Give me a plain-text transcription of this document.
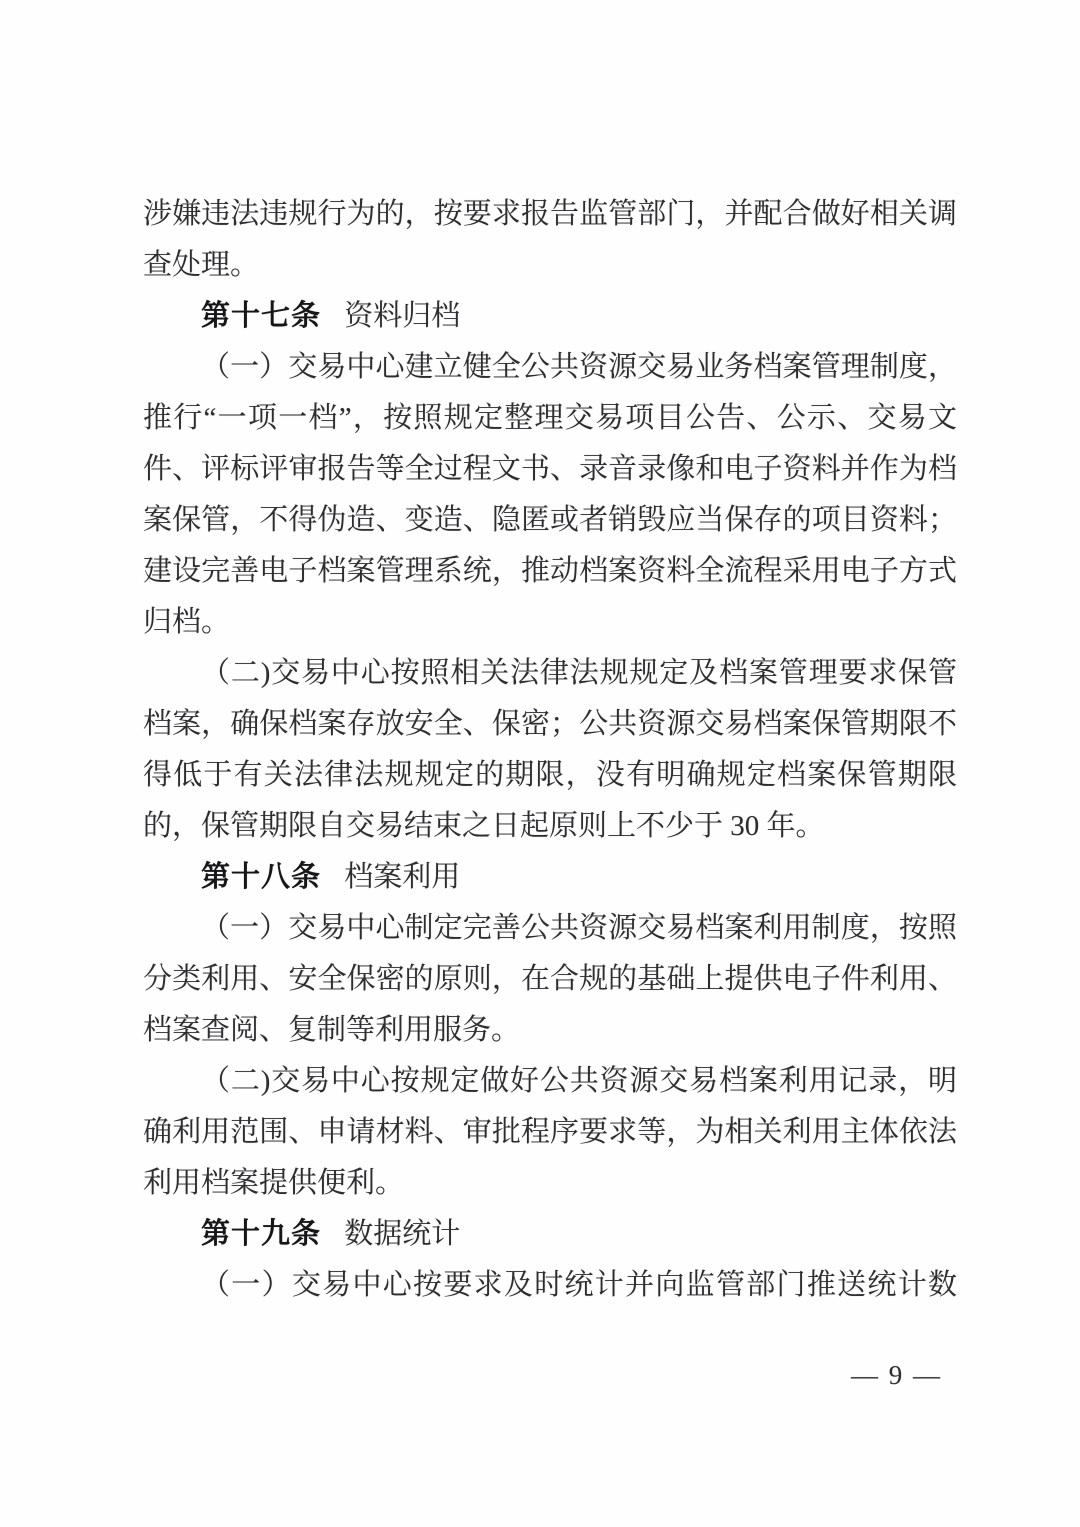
涉嫌违法违规行为的，按要求报告监管部门，并配合做好相关调
查处理。
第十七条 资料归档
（一）交易中心建立健全公共资源交易业务档案管理制度，
推行“一项一档”，按照规定整理交易项目公告、公示、交易文
件、评标评审报告等全过程文书、录音录像和电子资料并作为档
案保管，不得伪造、变造、隐匿或者销毁应当保存的项目资料；
建设完善电子档案管理系统，推动档案资料全流程采用电子方式
归档。
（二)交易中心按照相关法律法规规定及档案管理要求保管
档案，确保档案存放安全、保密；公共资源交易档案保管期限不
得低于有关法律法规规定的期限，没有明确规定档案保管期限
的，保管期限自交易结束之日起原则上不少于 30 年。
第十八条 档案利用
（一）交易中心制定完善公共资源交易档案利用制度，按照
分类利用、安全保密的原则，在合规的基础上提供电子件利用、
档案查阅、复制等利用服务。
（二)交易中心按规定做好公共资源交易档案利用记录，明
确利用范围、申请材料、审批程序要求等，为相关利用主体依法
利用档案提供便利。
第十九条 数据统计
（一）交易中心按要求及时统计并向监管部门推送统计数
— 9 —
